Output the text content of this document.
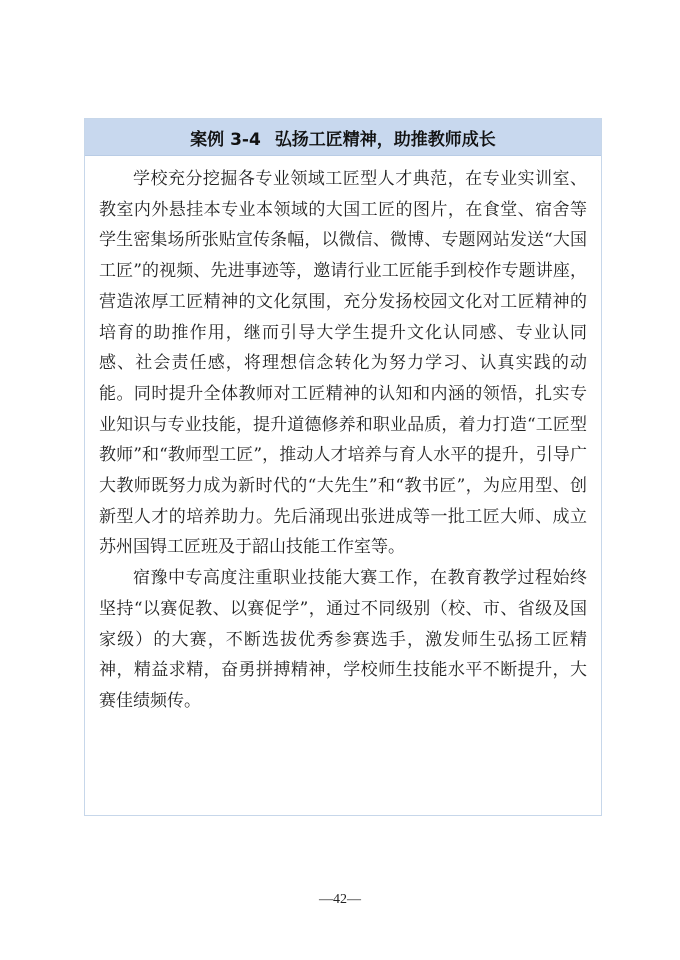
案例 3-4 弘扬工匠精神，助推教师成长

学校充分挖掘各专业领域工匠型人才典范，在专业实训室、教室内外悬挂本专业本领域的大国工匠的图片，在食堂、宿舍等学生密集场所张贴宣传条幅，以微信、微博、专题网站发送“大国工匠”的视频、先进事迹等，邀请行业工匠能手到校作专题讲座，营造浓厚工匠精神的文化氛围，充分发扬校园文化对工匠精神的培育的助推作用，继而引导大学生提升文化认同感、专业认同感、社会责任感，将理想信念转化为努力学习、认真实践的动能。同时提升全体教师对工匠精神的认知和内涵的领悟，扎实专业知识与专业技能，提升道德修养和职业品质，着力打造“工匠型教师”和“教师型工匠”，推动人才培养与育人水平的提升，引导广大教师既努力成为新时代的“大先生”和“教书匠”，为应用型、创新型人才的培养助力。先后涌现出张进成等一批工匠大师、成立苏州国锝工匠班及于韶山技能工作室等。

宿豫中专高度注重职业技能大赛工作，在教育教学过程始终坚持“以赛促教、以赛促学”，通过不同级别（校、市、省级及国家级）的大赛，不断选拔优秀参赛选手，激发师生弘扬工匠精神，精益求精，奋勇拼搏精神，学校师生技能水平不断提升，大赛佳绩频传。

—42—
